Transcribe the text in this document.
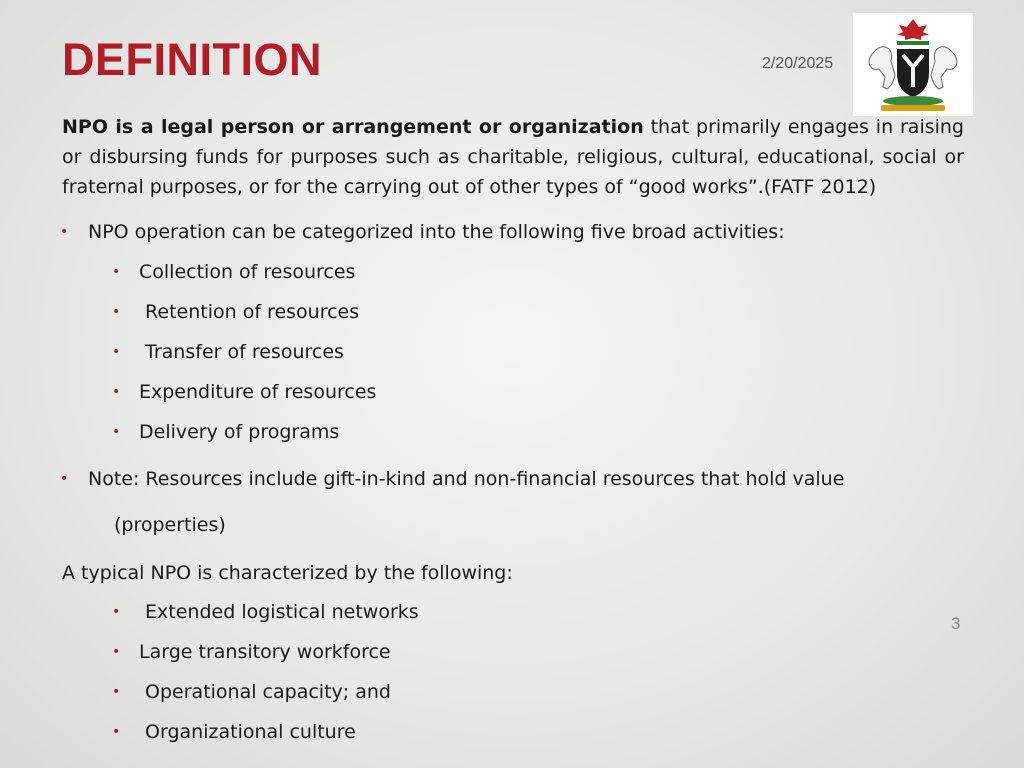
DEFINITION	2/20/2025

NPO is a legal person or arrangement or organization that primarily engages in raising or disbursing funds for purposes such as charitable, religious, cultural, educational, social or fraternal purposes, or for the carrying out of other types of “good works”.(FATF 2012)

• NPO operation can be categorized into the following five broad activities:
• Collection of resources
• Retention of resources
• Transfer of resources
• Expenditure of resources
• Delivery of programs
• Note: Resources include gift-in-kind and non-financial resources that hold value
(properties)
A typical NPO is characterized by the following:
• Extended logistical networks
• Large transitory workforce
• Operational capacity; and
• Organizational culture
3
